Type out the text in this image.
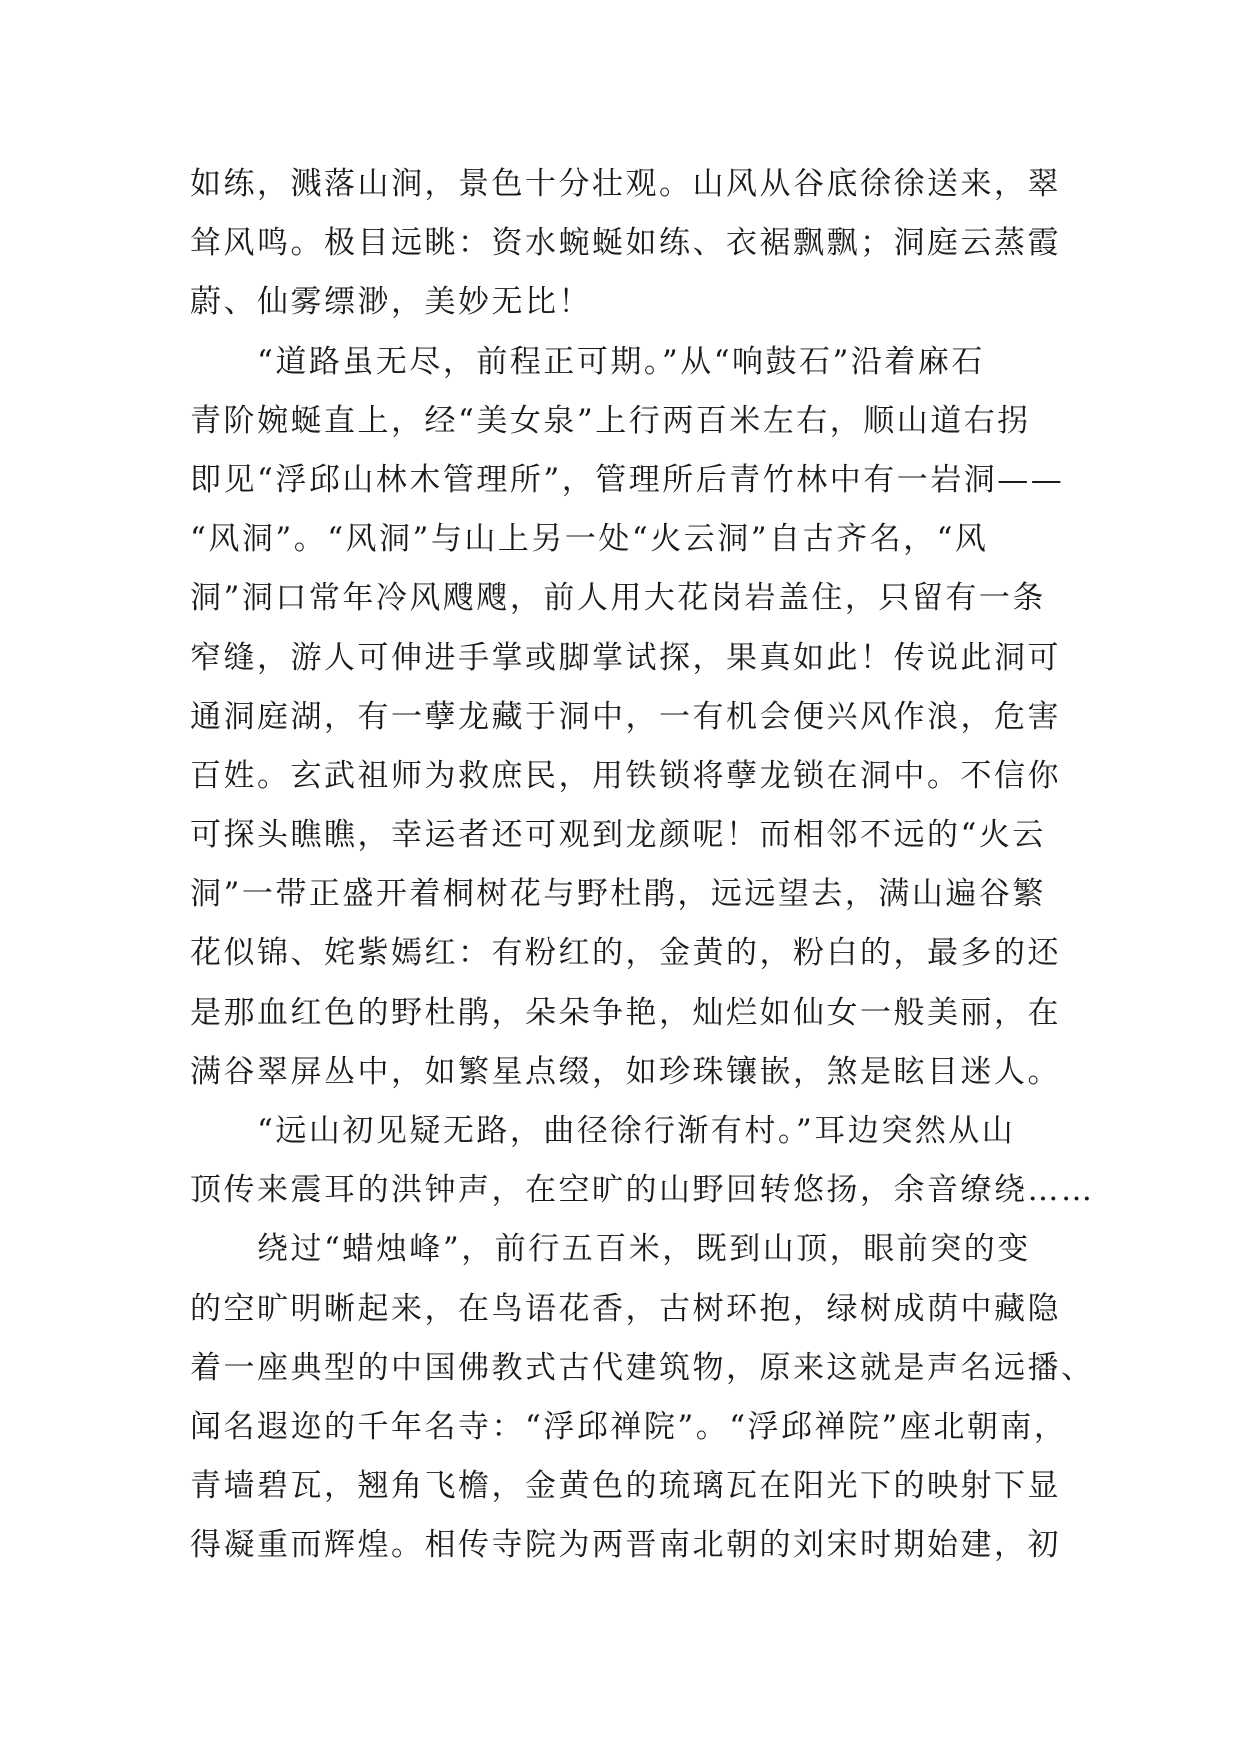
如练，溅落山涧，景色十分壮观。山风从谷底徐徐送来，翠
耸风鸣。极目远眺：资水蜿蜒如练、衣裾飘飘；洞庭云蒸霞
蔚、仙雾缥渺，美妙无比！
　　“道路虽无尽，前程正可期。”从“响鼓石”沿着麻石
青阶婉蜒直上，经“美女泉”上行两百米左右，顺山道右拐
即见“浮邱山林木管理所”，管理所后青竹林中有一岩洞——
“风洞”。“风洞”与山上另一处“火云洞”自古齐名，“风
洞”洞口常年冷风飕飕，前人用大花岗岩盖住，只留有一条
窄缝，游人可伸进手掌或脚掌试探，果真如此！传说此洞可
通洞庭湖，有一孽龙藏于洞中，一有机会便兴风作浪，危害
百姓。玄武祖师为救庶民，用铁锁将孽龙锁在洞中。不信你
可探头瞧瞧，幸运者还可观到龙颜呢！而相邻不远的“火云
洞”一带正盛开着桐树花与野杜鹃，远远望去，满山遍谷繁
花似锦、姹紫嫣红：有粉红的，金黄的，粉白的，最多的还
是那血红色的野杜鹃，朵朵争艳，灿烂如仙女一般美丽，在
满谷翠屏丛中，如繁星点缀，如珍珠镶嵌，煞是眩目迷人。
　　“远山初见疑无路，曲径徐行渐有村。”耳边突然从山
顶传来震耳的洪钟声，在空旷的山野回转悠扬，余音缭绕……
　　绕过“蜡烛峰”，前行五百米，既到山顶，眼前突的变
的空旷明晰起来，在鸟语花香，古树环抱，绿树成荫中藏隐
着一座典型的中国佛教式古代建筑物，原来这就是声名远播、
闻名遐迩的千年名寺：“浮邱禅院”。“浮邱禅院”座北朝南，
青墙碧瓦，翘角飞檐，金黄色的琉璃瓦在阳光下的映射下显
得凝重而辉煌。相传寺院为两晋南北朝的刘宋时期始建，初
